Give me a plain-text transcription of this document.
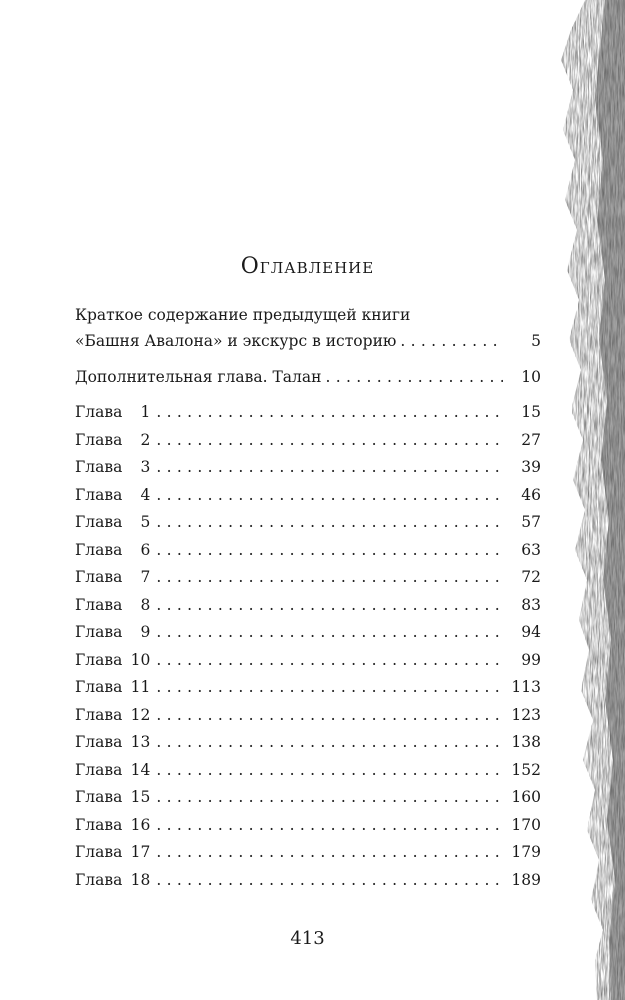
Оглавление
Краткое содержание предыдущей книги
«Башня Авалона» и экскурс в историю . . .	5
Дополнительная глава. Талан . . .	10
Глава 1 . . .	15
Глава 2 . . .	27
Глава 3 . . .	39
Глава 4 . . .	46
Глава 5 . . .	57
Глава 6 . . .	63
Глава 7 . . .	72
Глава 8 . . .	83
Глава 9 . . .	94
Глава 10 . . .	99
Глава 11 . . .	113
Глава 12 . . .	123
Глава 13 . . .	138
Глава 14 . . .	152
Глава 15 . . .	160
Глава 16 . . .	170
Глава 17 . . .	179
Глава 18 . . .	189
413
